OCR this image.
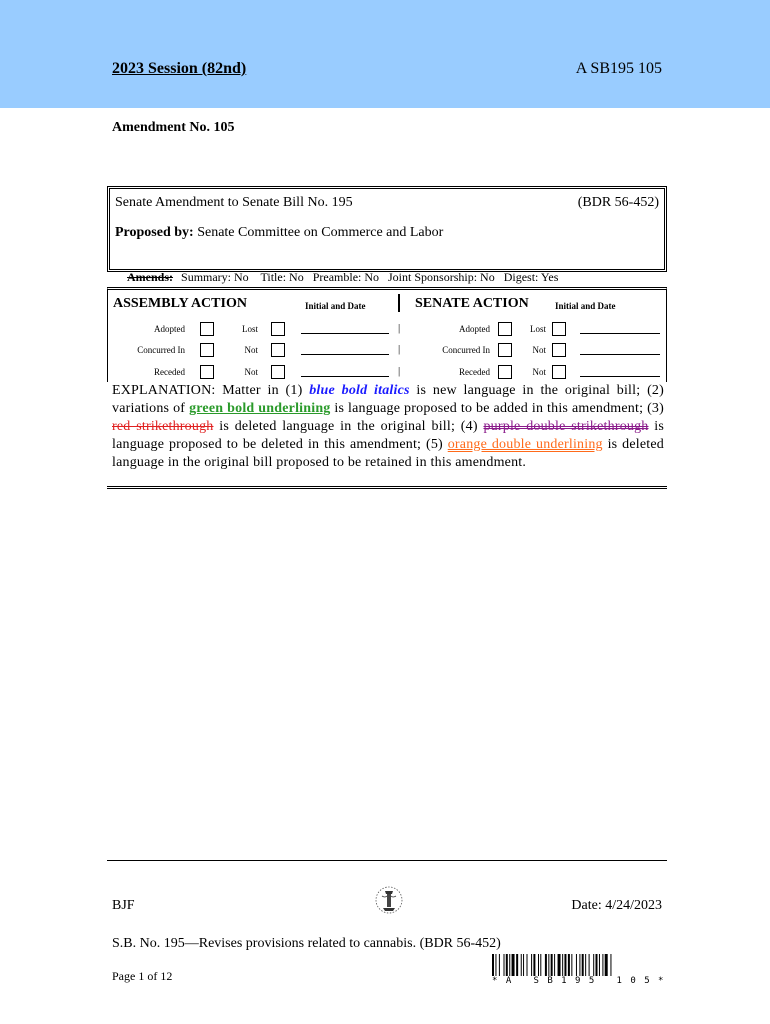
2023 Session (82nd)	A SB195 105
Amendment No. 105
Senate Amendment to Senate Bill No. 195	(BDR 56-452)
Proposed by: Senate Committee on Commerce and Labor

Amends: Summary: No    Title: No   Preamble: No   Joint Sponsorship: No   Digest: Yes

ASSEMBLY ACTION	Initial and Date	SENATE ACTION	Initial and Date
Adopted	Lost	|	Adopted	Lost
Concurred In	Not	|	Concurred In	Not
Receded	Not	|	Receded	Not
EXPLANATION: Matter in (1) blue bold italics is new language in the original bill; (2) variations of green bold underlining is language proposed to be added in this amendment; (3) red strikethrough is deleted language in the original bill; (4) purple double strikethrough is language proposed to be deleted in this amendment; (5) orange double underlining is deleted language in the original bill proposed to be retained in this amendment.
BJF	Date: 4/24/2023
S.B. No. 195—Revises provisions related to cannabis. (BDR 56-452)
Page 1 of 12	* A   S B 1 9 5   1 0 5 *
